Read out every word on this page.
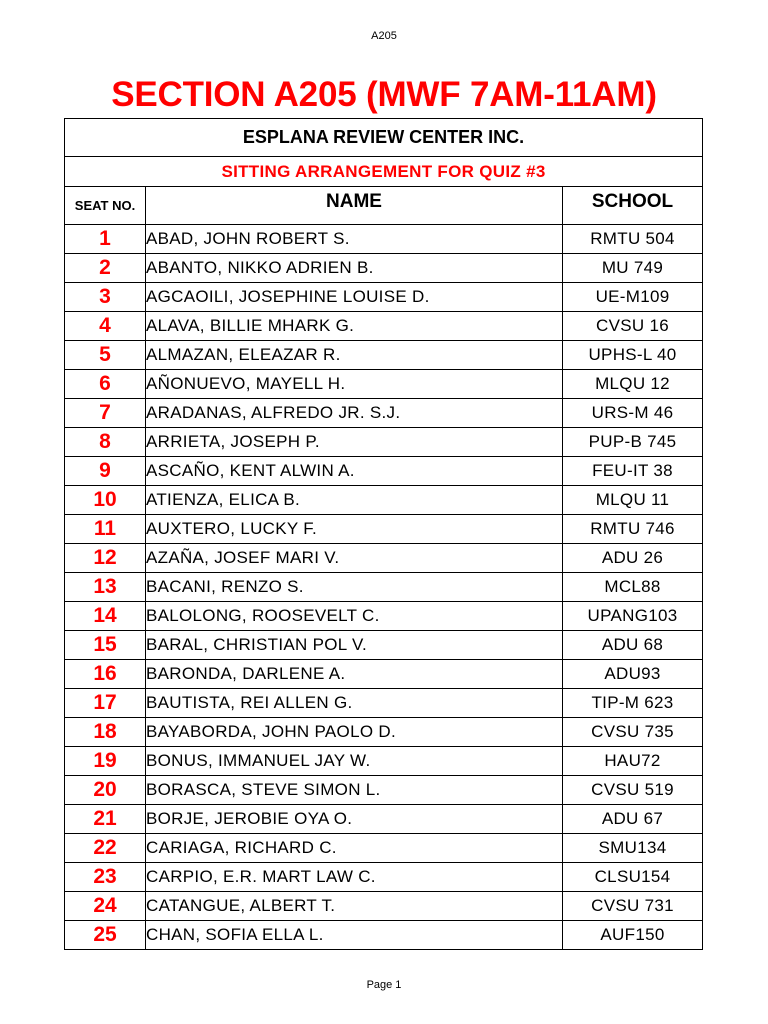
A205
SECTION A205 (MWF 7AM-11AM)
ESPLANA REVIEW CENTER INC.		
SITTING ARRANGEMENT FOR QUIZ #3		
SEAT NO.	NAME	SCHOOL
1	ABAD, JOHN ROBERT S.	RMTU 504
2	ABANTO, NIKKO ADRIEN B.	MU 749
3	AGCAOILI, JOSEPHINE LOUISE D.	UE-M109
4	ALAVA, BILLIE MHARK G.	CVSU 16
5	ALMAZAN, ELEAZAR R.	UPHS-L 40
6	AÑONUEVO, MAYELL H.	MLQU 12
7	ARADANAS, ALFREDO JR. S.J.	URS-M 46
8	ARRIETA, JOSEPH P.	PUP-B 745
9	ASCAÑO, KENT ALWIN A.	FEU-IT 38
10	ATIENZA, ELICA B.	MLQU 11
11	AUXTERO, LUCKY F.	RMTU 746
12	AZAÑA, JOSEF MARI V.	ADU 26
13	BACANI, RENZO S.	MCL88
14	BALOLONG, ROOSEVELT C.	UPANG103
15	BARAL, CHRISTIAN POL V.	ADU 68
16	BARONDA, DARLENE A.	ADU93
17	BAUTISTA, REI ALLEN G.	TIP-M 623
18	BAYABORDA, JOHN PAOLO D.	CVSU 735
19	BONUS, IMMANUEL JAY W.	HAU72
20	BORASCA, STEVE SIMON L.	CVSU 519
21	BORJE, JEROBIE OYA O.	ADU 67
22	CARIAGA, RICHARD C.	SMU134
23	CARPIO, E.R. MART LAW C.	CLSU154
24	CATANGUE, ALBERT T.	CVSU 731
25	CHAN, SOFIA ELLA L.	AUF150
Page 1
